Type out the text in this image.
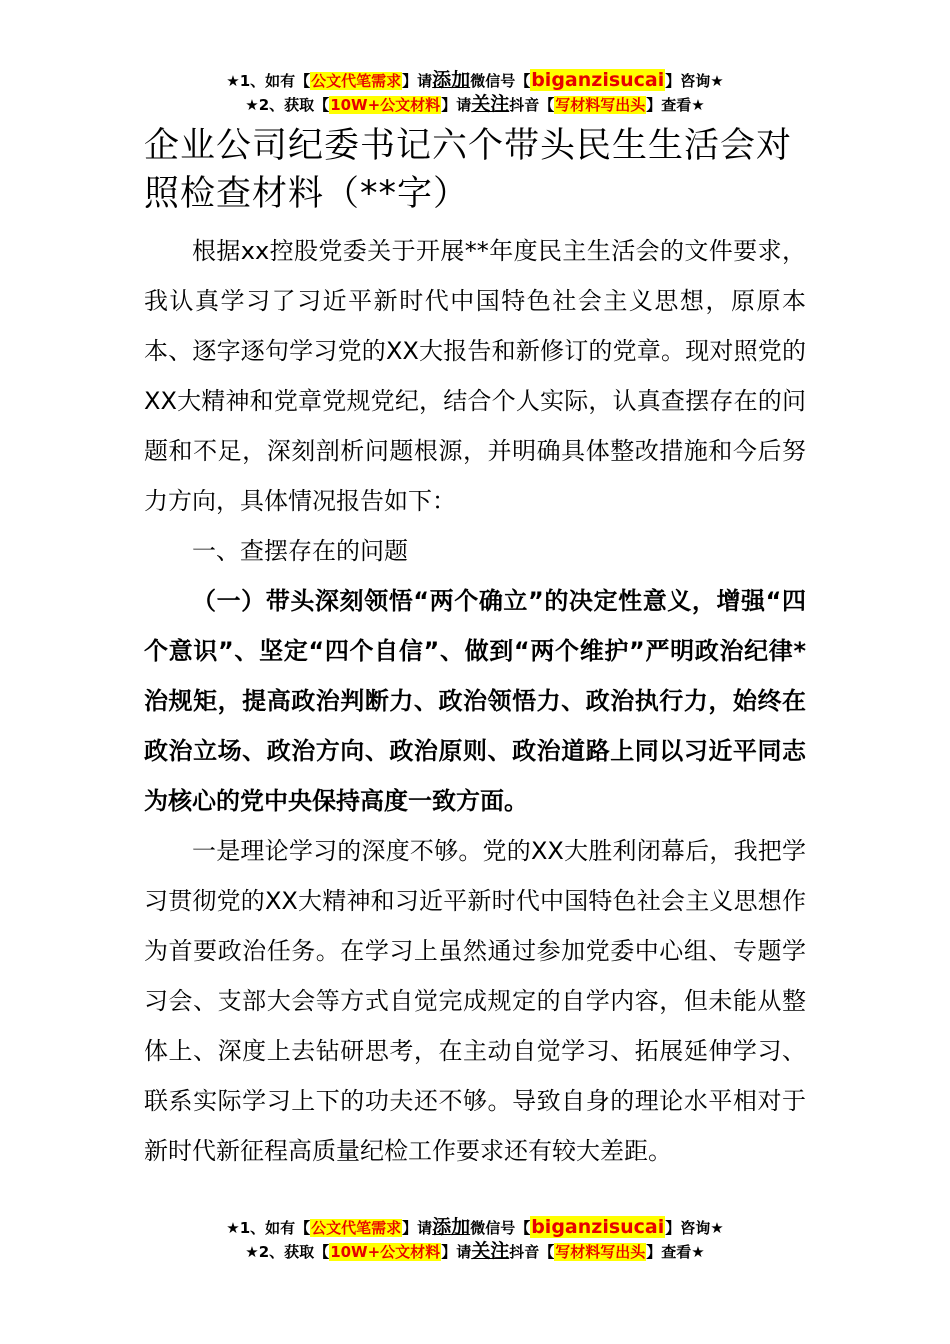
★1、如有【公文代笔需求】请添加微信号【biganzisucai】咨询★
★2、获取【10W+公文材料】请关注抖音【写材料写出头】查看★
企业公司纪委书记六个带头民生生活会对照检查材料（**字）

根据xx控股党委关于开展**年度民主生活会的文件要求，我认真学习了习近平新时代中国特色社会主义思想，原原本本、逐字逐句学习党的XX大报告和新修订的党章。现对照党的XX大精神和党章党规党纪，结合个人实际，认真查摆存在的问题和不足，深刻剖析问题根源，并明确具体整改措施和今后努力方向，具体情况报告如下：

一、查摆存在的问题

（一）带头深刻领悟“两个确立”的决定性意义，增强“四个意识”、坚定“四个自信”、做到“两个维护”严明政治纪律*治规矩，提高政治判断力、政治领悟力、政治执行力，始终在政治立场、政治方向、政治原则、政治道路上同以习近平同志为核心的党中央保持高度一致方面。

一是理论学习的深度不够。党的XX大胜利闭幕后，我把学习贯彻党的XX大精神和习近平新时代中国特色社会主义思想作为首要政治任务。在学习上虽然通过参加党委中心组、专题学习会、支部大会等方式自觉完成规定的自学内容，但未能从整体上、深度上去钻研思考，在主动自觉学习、拓展延伸学习、联系实际学习上下的功夫还不够。导致自身的理论水平相对于新时代新征程高质量纪检工作要求还有较大差距。

★1、如有【公文代笔需求】请添加微信号【biganzisucai】咨询★
★2、获取【10W+公文材料】请关注抖音【写材料写出头】查看★
